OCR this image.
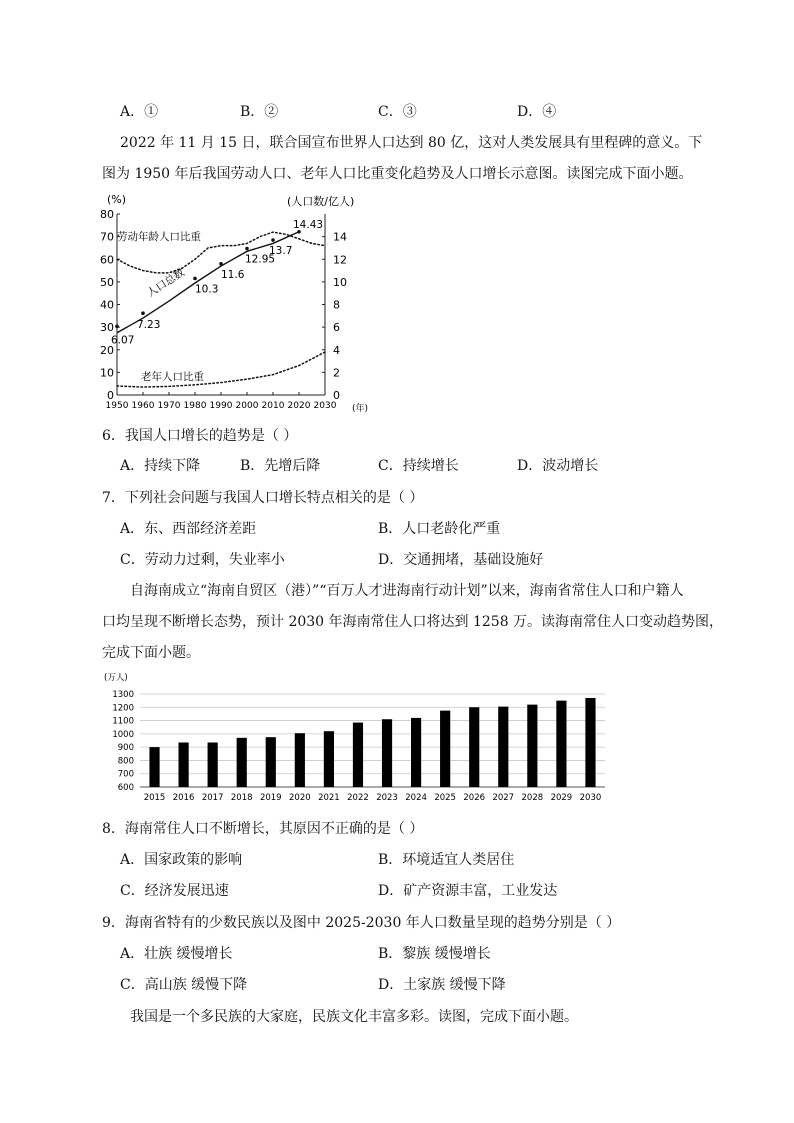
A．①	B．②	C．③	D．④
2022 年 11 月 15 日，联合国宣布世界人口达到 80 亿，这对人类发展具有里程碑的意义。下
图为 1950 年后我国劳动人口、老年人口比重变化趋势及人口增长示意图。读图完成下面小题。
0
10
20
30
40
50
60
70
80
0
2
4
6
8
10
12
14
1950 1960 1970 1980 1990 2000 2010 2020 2030
6.07
7.23
10.3
11.6
12.95
13.7
14.43
(%)	(人口数/亿人)
(年)
劳动年龄人口比重
人口总数
老年人口比重
6．我国人口增长的趋势是（ ）
A．持续下降	B．先增后降	C．持续增长	D．波动增长
7．下列社会问题与我国人口增长特点相关的是（ ）
A．东、西部经济差距	B．人口老龄化严重
C．劳动力过剩，失业率小	D．交通拥堵，基础设施好
自海南成立“海南自贸区（港）”“百万人才进海南行动计划”以来，海南省常住人口和户籍人
口均呈现不断增长态势，预计 2030 年海南常住人口将达到 1258 万。读海南常住人口变动趋势图，
完成下面小题。
600
700
800
900
1000
1100
1200
1300
2015 2016 2017 2018 2019 2020 2021 2022 2023 2024 2025 2026 2027 2028 2029 2030
(万人)
8．海南常住人口不断增长，其原因不正确的是（ ）
A．国家政策的影响	B．环境适宜人类居住
C．经济发展迅速	D．矿产资源丰富，工业发达
9．海南省特有的少数民族以及图中 2025-2030 年人口数量呈现的趋势分别是（ ）
A．壮族 缓慢增长	B．黎族 缓慢增长
C．高山族 缓慢下降	D．土家族 缓慢下降
我国是一个多民族的大家庭，民族文化丰富多彩。读图，完成下面小题。
